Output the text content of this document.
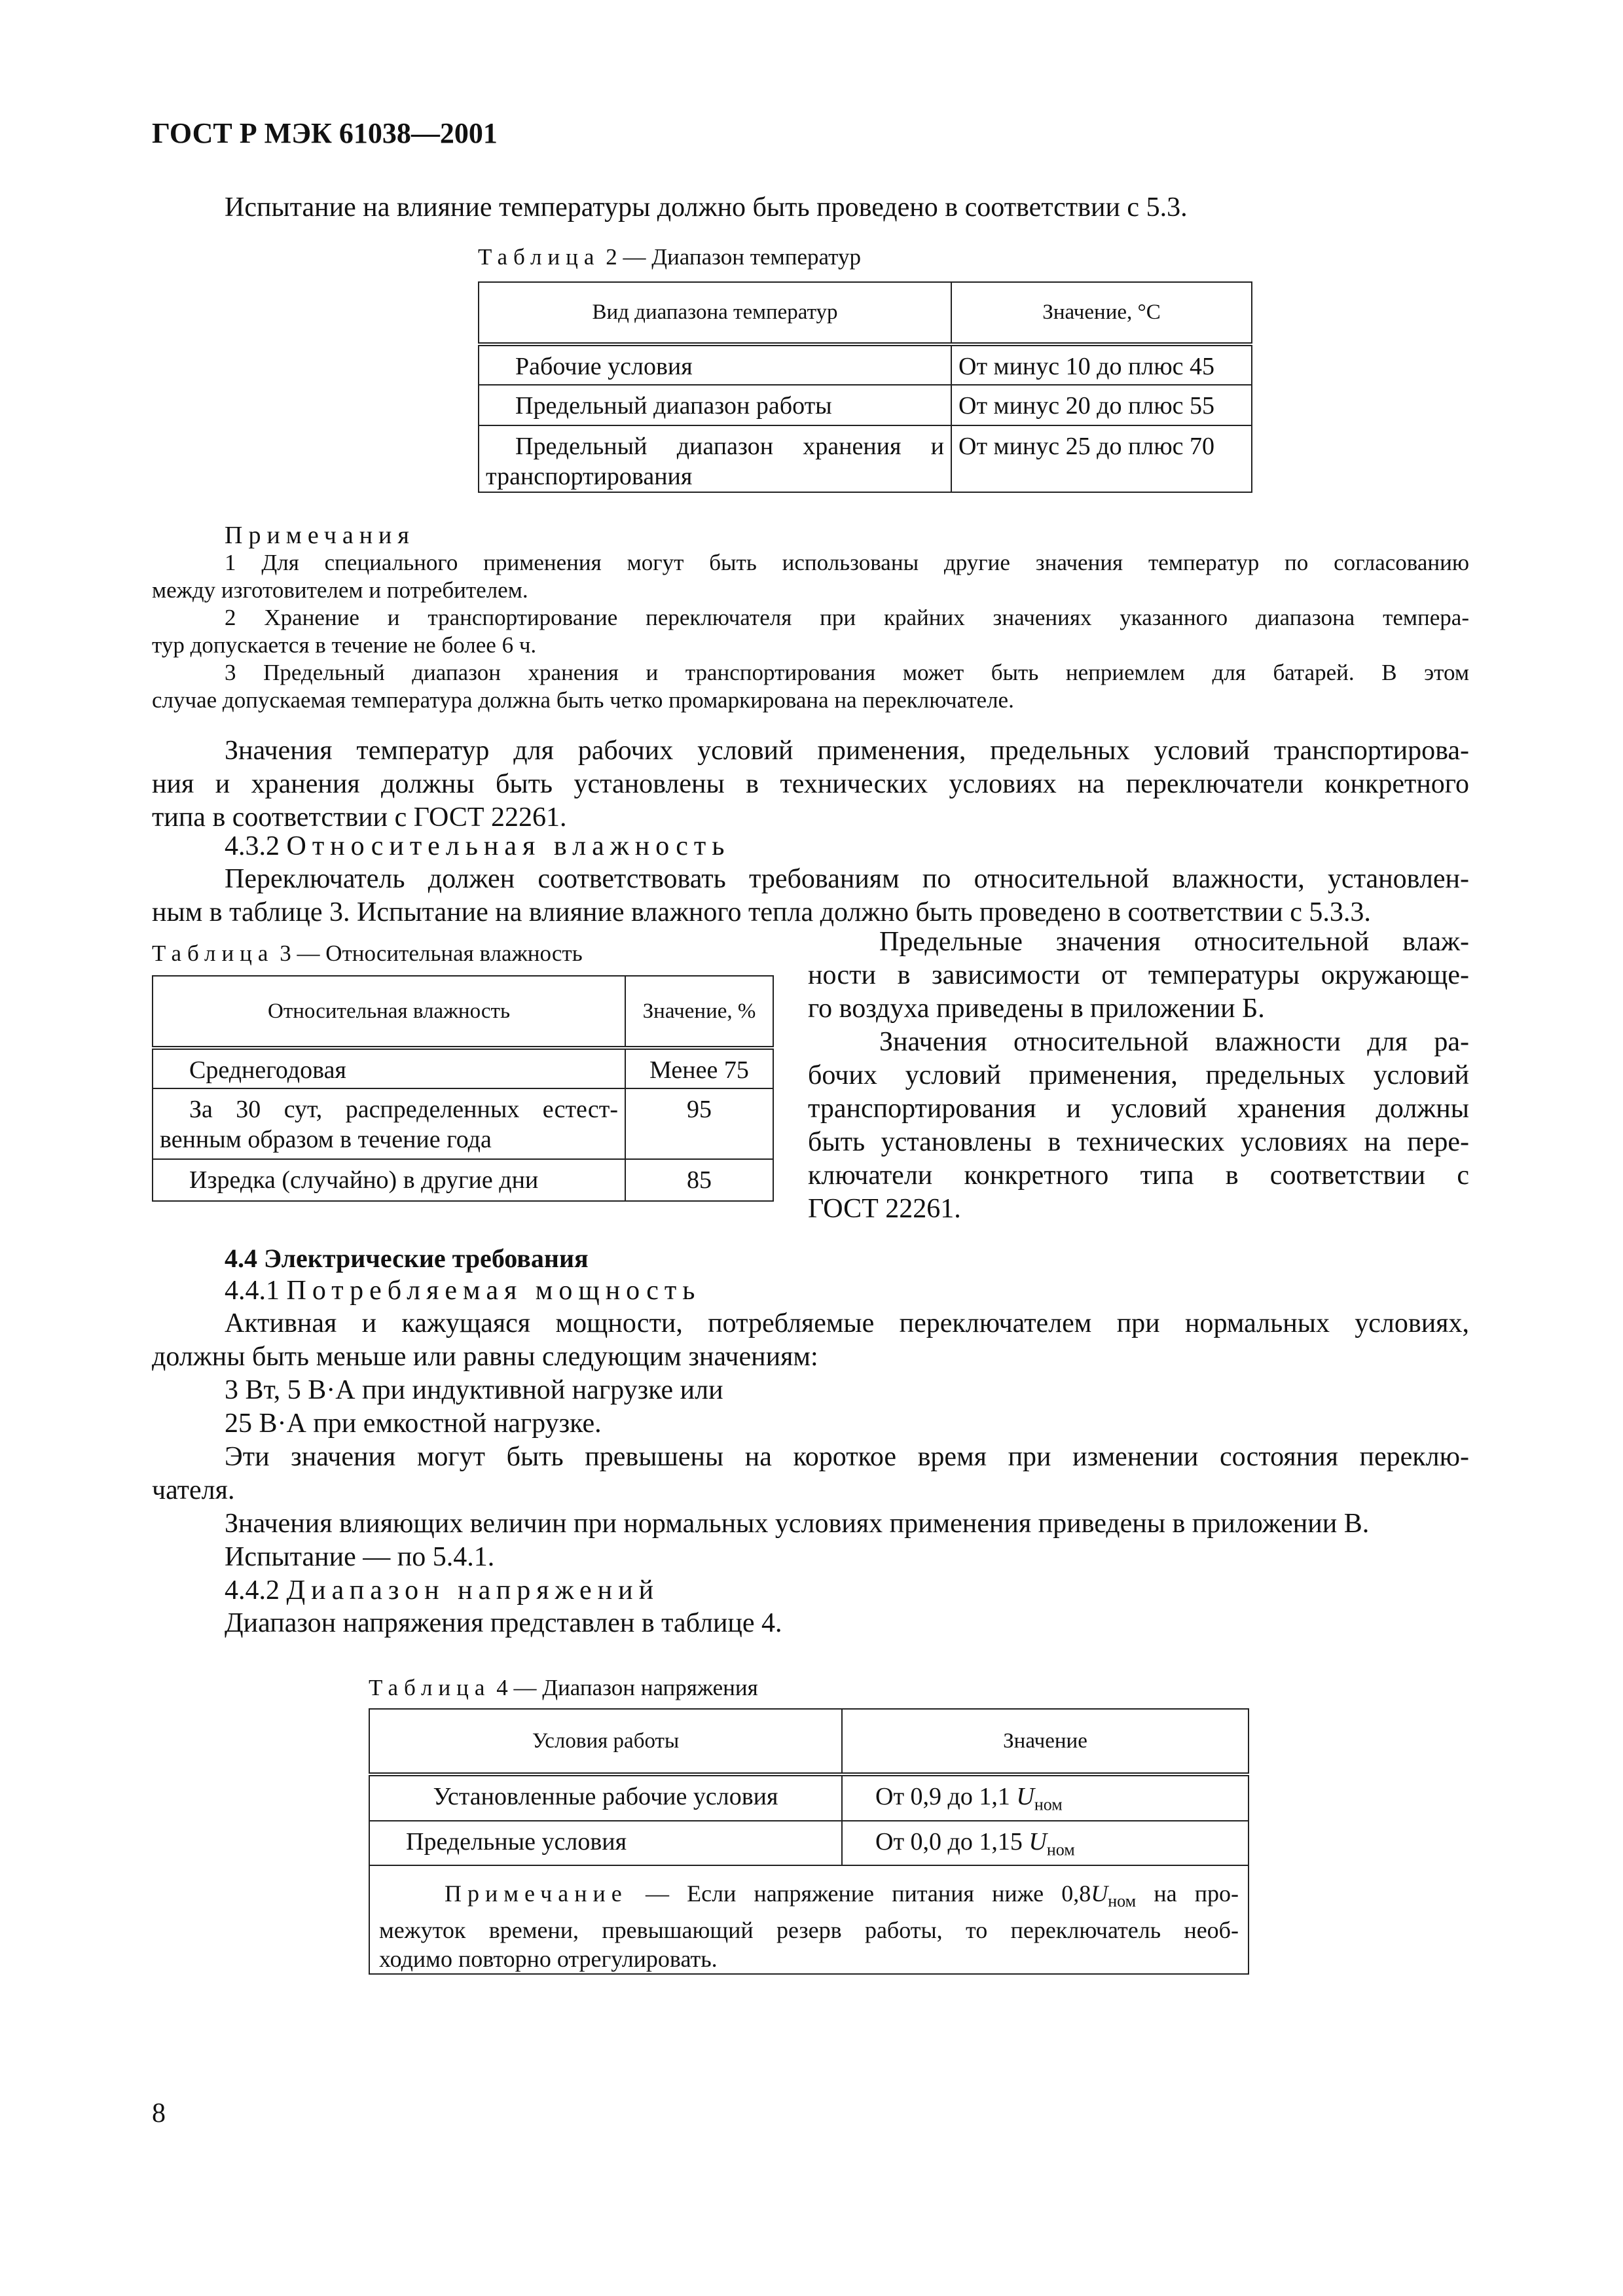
ГОСТ Р МЭК 61038—2001
Испытание на влияние температуры должно быть проведено в соответствии с 5.3.
Таблица 2 — Диапазон температур
Вид диапазона температур	Значение, °С
Рабочие условия	От минус 10 до плюс 45
Предельный диапазон работы	От минус 20 до плюс 55

Предельный диапазон хранения и
транспортирования	От минус 25 до плюс 70
Примечания
1 Для специального применения могут быть использованы другие значения температур по согласованию
между изготовителем и потребителем.
2 Хранение и транспортирование переключателя при крайних значениях указанного диапазона темпера-
тур допускается в течение не более 6 ч.
3 Предельный диапазон хранения и транспортирования может быть неприемлем для батарей. В этом
случае допускаемая температура должна быть четко промаркирована на переключателе.
Значения температур для рабочих условий применения, предельных условий транспортирова-
ния и хранения должны быть установлены в технических условиях на переключатели конкретного
типа в соответствии с ГОСТ 22261.
4.3.2 Относительная влажность
Переключатель должен соответствовать требованиям по относительной влажности, установлен-
ным в таблице 3. Испытание на влияние влажного тепла должно быть проведено в соответствии с 5.3.3.
Таблица 3 — Относительная влажность
Относительная влажность	Значение, %
Среднегодовая	Менее 75

За 30 сут, распределенных естест-
венным образом в течение года	95
Изредка (случайно) в другие дни	85
Предельные значения относительной влаж-
ности в зависимости от температуры окружающе-
го воздуха приведены в приложении Б.
Значения относительной влажности для ра-
бочих условий применения, предельных условий
транспортирования и условий хранения должны
быть установлены в технических условиях на пере-
ключатели конкретного типа в соответствии с
ГОСТ 22261.
4.4 Электрические требования
4.4.1 Потребляемая мощность
Активная и кажущаяся мощности, потребляемые переключателем при нормальных условиях,
должны быть меньше или равны следующим значениям:
3 Вт, 5 В·А при индуктивной нагрузке или
25 В·А при емкостной нагрузке.
Эти значения могут быть превышены на короткое время при изменении состояния переклю-
чателя.
Значения влияющих величин при нормальных условиях применения приведены в приложении В.
Испытание — по 5.4.1.
4.4.2 Диапазон напряжений
Диапазон напряжения представлен в таблице 4.
Таблица 4 — Диапазон напряжения
Условия работы	Значение
Установленные рабочие условия	От 0,9 до 1,1 $U_{ном}$
Предельные условия	От 0,0 до 1,15 $U_{ном}$

Примечание — Если напряжение питания ниже $0,8U_{ном}$ на про-
межуток времени, превышающий резерв работы, то переключатель необ-
ходимо повторно отрегулировать.	
8
